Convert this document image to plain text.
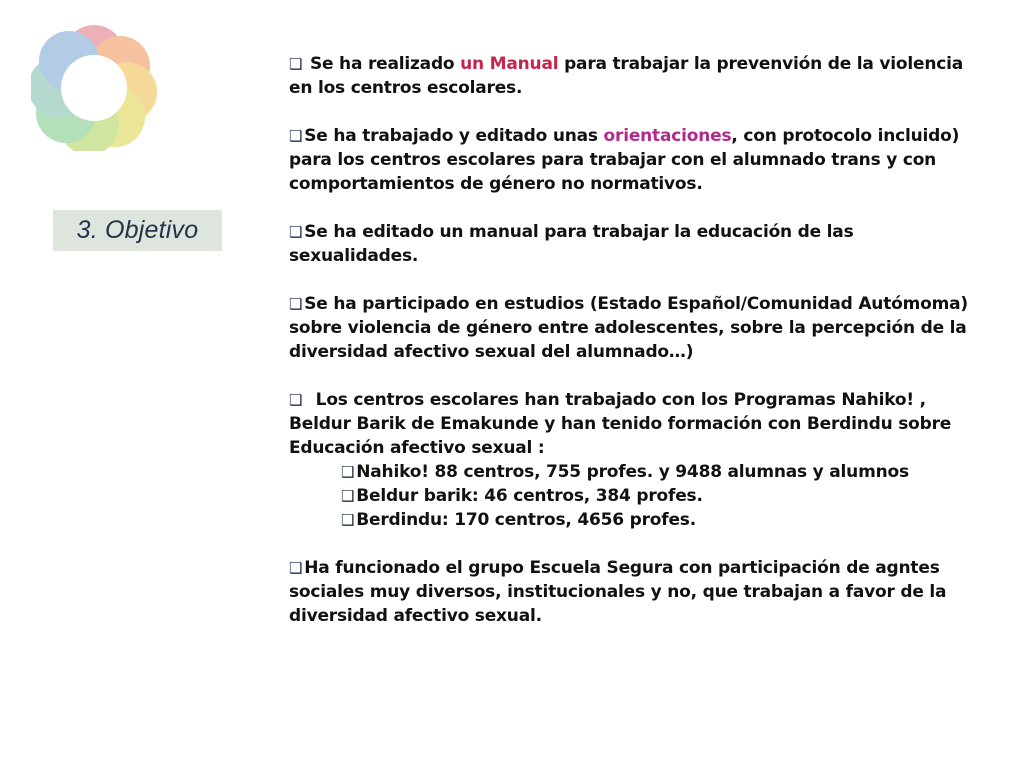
3. Objetivo

❑ Se ha realizado un Manual para trabajar la prevenvión de la violencia en los centros escolares.

❑ Se ha trabajado y editado unas orientaciones, con protocolo incluido) para los centros escolares para trabajar con el alumnado trans y con comportamientos de género no normativos.

❑ Se ha editado un manual para trabajar la educación de las sexualidades.

❑ Se ha participado en estudios (Estado Español/Comunidad Autómoma) sobre violencia de género entre adolescentes, sobre la percepción de la diversidad afectivo sexual del alumnado…)

❑  Los centros escolares han trabajado con los Programas Nahiko! , Beldur Barik de Emakunde y han tenido formación con Berdindu sobre Educación afectivo sexual :

❑ Nahiko! 88 centros, 755 profes. y 9488 alumnas y alumnos

❑ Beldur barik: 46 centros, 384 profes.

❑ Berdindu: 170 centros, 4656 profes.

❑ Ha funcionado el grupo Escuela Segura con participación de agntes sociales muy diversos, institucionales y no, que trabajan a favor de la diversidad afectivo sexual.
